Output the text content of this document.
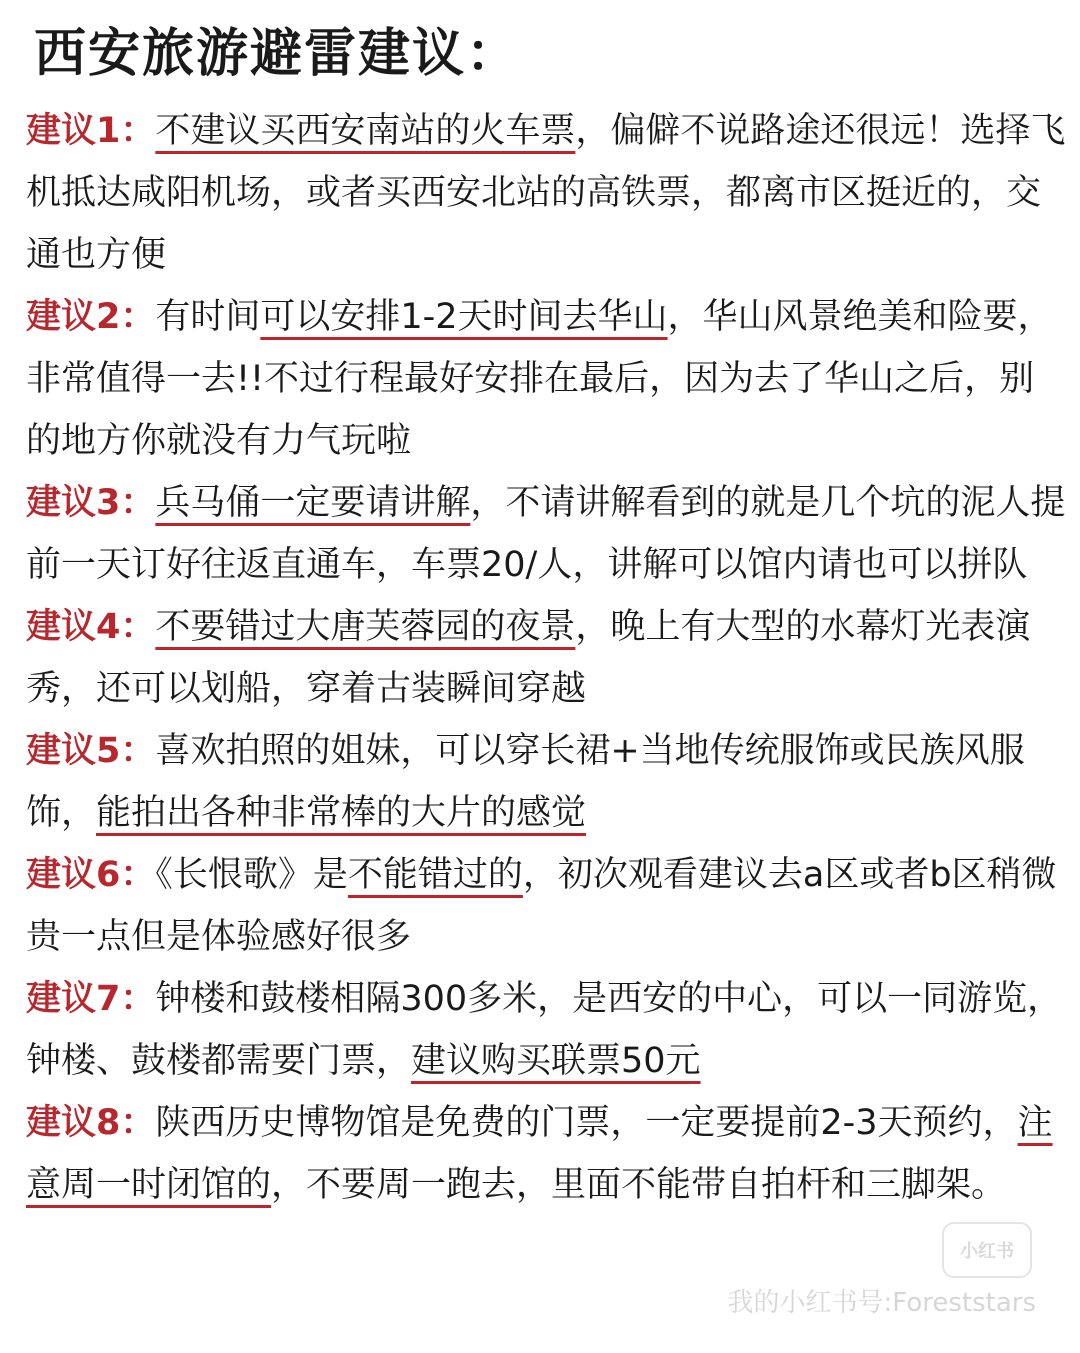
西安旅游避雷建议：

建议1：不建议买西安南站的火车票，偏僻不说路途还很远！选择飞机抵达咸阳机场，或者买西安北站的高铁票，都离市区挺近的，交通也方便

建议2：有时间可以安排1-2天时间去华山，华山风景绝美和险要，非常值得一去!!不过行程最好安排在最后，因为去了华山之后，别的地方你就没有力气玩啦

建议3：兵马俑一定要请讲解，不请讲解看到的就是几个坑的泥人提前一天订好往返直通车，车票20/人，讲解可以馆内请也可以拼队

建议4：不要错过大唐芙蓉园的夜景，晚上有大型的水幕灯光表演秀，还可以划船，穿着古装瞬间穿越

建议5：喜欢拍照的姐妹，可以穿长裙+当地传统服饰或民族风服饰，能拍出各种非常棒的大片的感觉

建议6：《长恨歌》是不能错过的，初次观看建议去a区或者b区稍微贵一点但是体验感好很多

建议7：钟楼和鼓楼相隔300多米，是西安的中心，可以一同游览，钟楼、鼓楼都需要门票，建议购买联票50元

建议8：陕西历史博物馆是免费的门票，一定要提前2-3天预约，注意周一时闭馆的，不要周一跑去，里面不能带自拍杆和三脚架。

小红书
我的小红书号:Foreststars
